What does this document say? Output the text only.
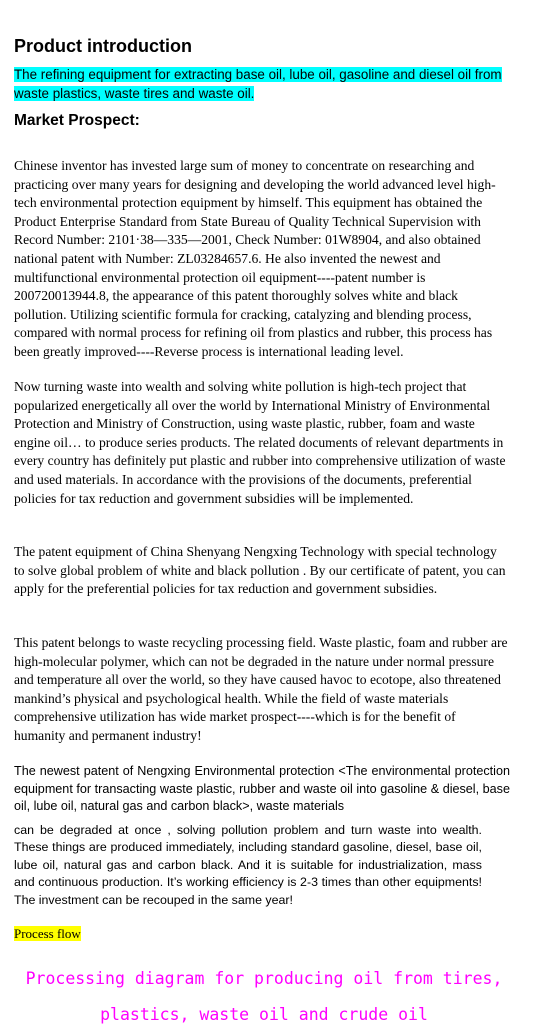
Product introduction
The refining equipment for extracting base oil, lube oil, gasoline and diesel oil from waste plastics, waste tires and waste oil.
Market Prospect:

Chinese inventor has invested large sum of money to concentrate on researching and practicing over many years for designing and developing the world advanced level high-tech environmental protection equipment by himself. This equipment has obtained the Product Enterprise Standard from State Bureau of Quality Technical Supervision with Record Number: 2101·38—335—2001, Check Number: 01W8904, and also obtained national patent with Number: ZL03284657.6. He also invented the newest and multifunctional environmental protection oil equipment----patent number is 200720013944.8, the appearance of this patent thoroughly solves white and black pollution. Utilizing scientific formula for cracking, catalyzing and blending process, compared with normal process for refining oil from plastics and rubber, this process has been greatly improved----Reverse process is international leading level.

Now turning waste into wealth and solving white pollution is high-tech project that popularized energetically all over the world by International Ministry of Environmental Protection and Ministry of Construction, using waste plastic, rubber, foam and waste engine oil… to produce series products. The related documents of relevant departments in every country has definitely put plastic and rubber into comprehensive utilization of waste and used materials. In accordance with the provisions of the documents, preferential policies for tax reduction and government subsidies will be implemented.

The patent equipment of China Shenyang Nengxing Technology with special technology to solve global problem of white and black pollution . By our certificate of patent, you can apply for the preferential policies for tax reduction and government subsidies.

This patent belongs to waste recycling processing field. Waste plastic, foam and rubber are high-molecular polymer, which can not be degraded in the nature under normal pressure and temperature all over the world, so they have caused havoc to ecotope, also threatened mankind’s physical and psychological health. While the field of waste materials comprehensive utilization has wide market prospect----which is for the benefit of humanity and permanent industry!

The newest patent of Nengxing Environmental protection <The environmental protection equipment for transacting waste plastic, rubber and waste oil into gasoline & diesel, base oil, lube oil, natural gas and carbon black>, waste materials

can be degraded at once , solving pollution problem and turn waste into wealth. These things are produced immediately, including standard gasoline, diesel, base oil, lube oil, natural gas and carbon black. And it is suitable for industrialization, mass and continuous production. It’s working efficiency is 2-3 times than other equipments! The investment can be recouped in the same year!

Process flow
Processing diagram for producing oil from tires,
plastics, waste oil and crude oil
